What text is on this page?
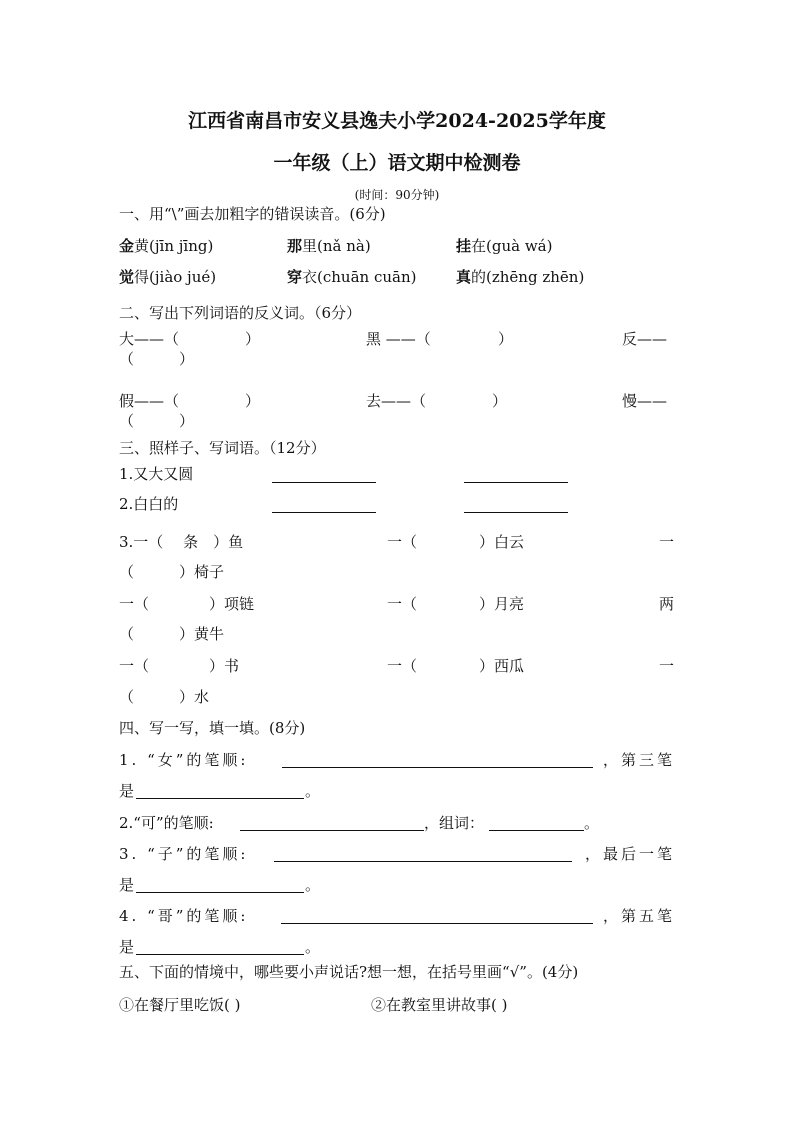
江西省南昌市安义县逸夫小学2024-2025学年度
一年级（上）语文期中检测卷
(时间：90分钟)
一、用“\”画去加粗字的错误读音。(6分)
金黄(jīn jīng)	那里(nǎ nà)	挂在(guà wá)
觉得(jiào jué)	穿衣(chuān cuān)	真的(zhēng zhēn)
二、写出下列词语的反义词。（6分）
大——（	）	黑 ——（	）	反——
（　　　）
假——（	）	去——（	）	慢——
（　　　）
三、照样子、写词语。（12分）
1.又大又圆
2.白白的
3.一（　 条　）鱼	一（	）白云	一
（　　　）椅子
一（	）项链	一（	）月亮	两
（　　　）黄牛
一（	）书	一（	）西瓜	一
（　　　）水
四、写一写，填一填。(8分)
1. “女”的笔顺:	，第三笔
是	。
2.“可”的笔顺:	，组词：	。
3. “子”的笔顺:	，最后一笔
是	。
4. “哥”的笔顺:	，第五笔
是	。
五、下面的情境中，哪些要小声说话?想一想，在括号里画“√”。(4分)
①在餐厅里吃饭( )	②在教室里讲故事( )
